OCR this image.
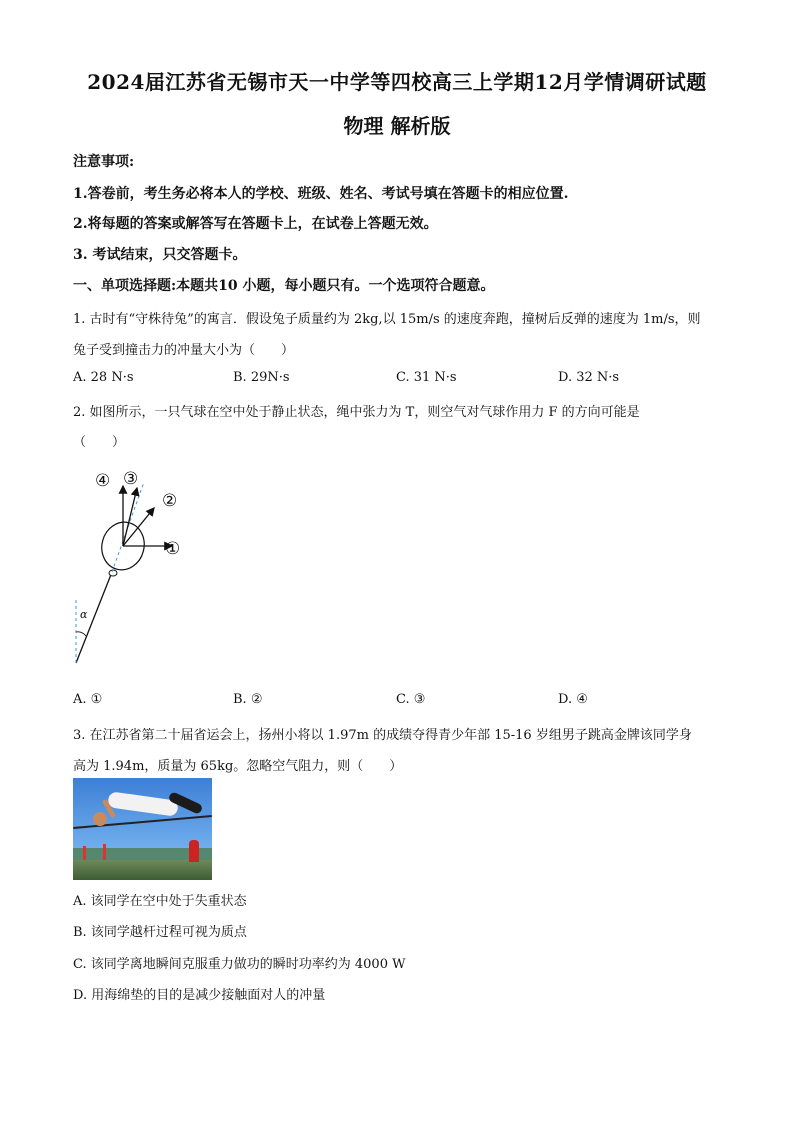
2024届江苏省无锡市天一中学等四校高三上学期12月学情调研试题
物理 解析版
注意事项:
1.答卷前，考生务必将本人的学校、班级、姓名、考试号填在答题卡的相应位置.
2.将每题的答案或解答写在答题卡上，在试卷上答题无效。
3. 考试结束，只交答题卡。
一、单项选择题:本题共10 小题，每小题只有。一个选项符合题意。
1. 古时有“守株待兔”的寓言．假设兔子质量约为 2kg,以 15m/s 的速度奔跑，撞树后反弹的速度为 1m/s，则
兔子受到撞击力的冲量大小为（　　）
A. 28 N·s	B. 29N·s	C. 31 N·s	D. 32 N·s
2. 如图所示，一只气球在空中处于静止状态，绳中张力为 T，则空气对气球作用力 F 的方向可能是
（　　）
α
④ ③
②
①
A. ①	B. ②	C. ③	D. ④
3. 在江苏省第二十届省运会上，扬州小将以 1.97m 的成绩夺得青少年部 15-16 岁组男子跳高金牌该同学身
高为 1.94m，质量为 65kg。忽略空气阻力，则（　　）
A. 该同学在空中处于失重状态
B. 该同学越杆过程可视为质点
C. 该同学离地瞬间克服重力做功的瞬时功率约为 4000 W
D. 用海绵垫的目的是减少接触面对人的冲量
